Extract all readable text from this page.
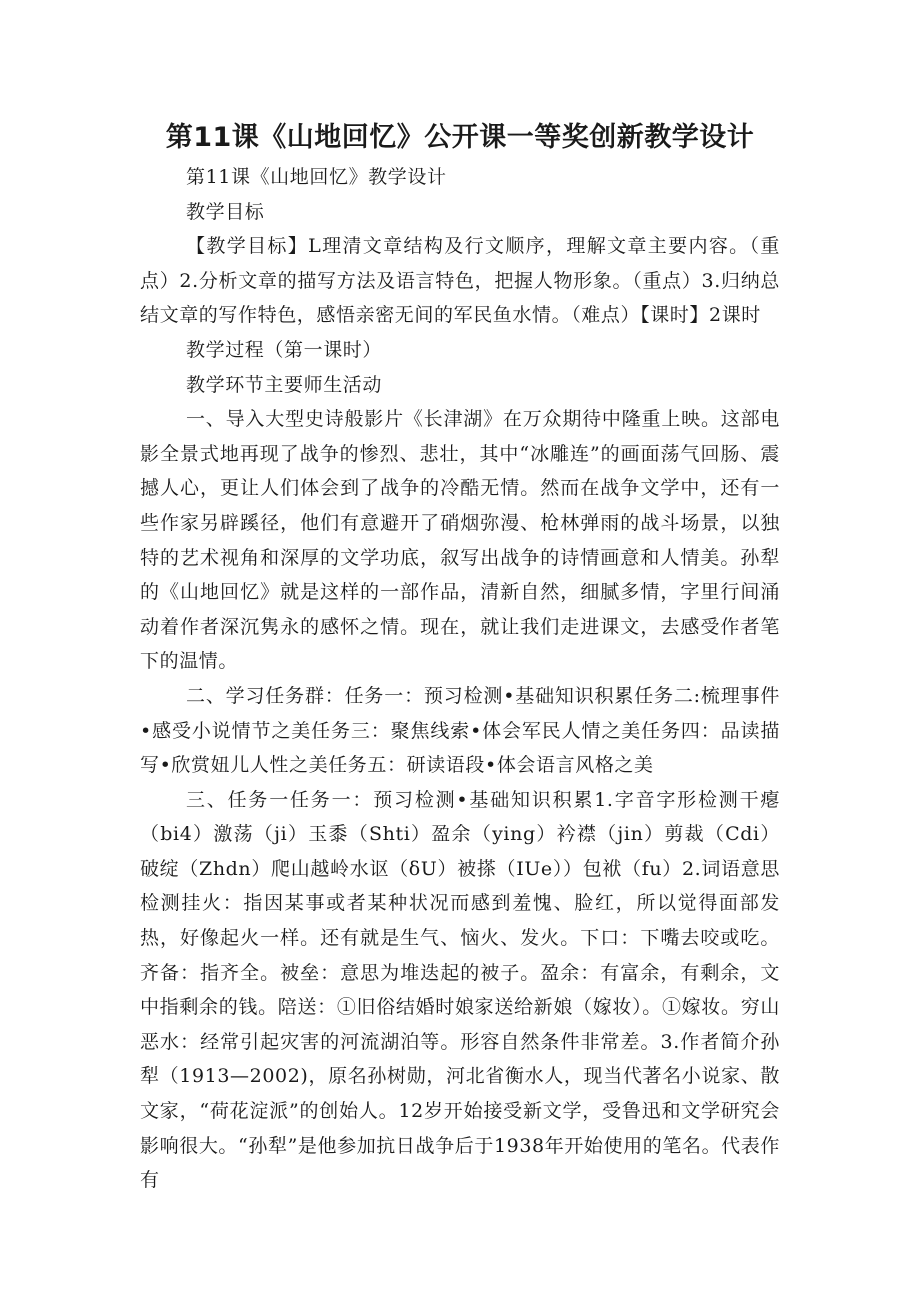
第11课《山地回忆》公开课一等奖创新教学设计

第11课《山地回忆》教学设计

教学目标

【教学目标】L理清文章结构及行文顺序，理解文章主要内容。（重点）2.分析文章的描写方法及语言特色，把握人物形象。（重点）3.归纳总结文章的写作特色，感悟亲密无间的军民鱼水情。（难点）【课时】2课时

教学过程（第一课时）

教学环节主要师生活动

一、导入大型史诗般影片《长津湖》在万众期待中隆重上映。这部电影全景式地再现了战争的惨烈、悲壮，其中“冰雕连”的画面荡气回肠、震撼人心，更让人们体会到了战争的冷酷无情。然而在战争文学中，还有一些作家另辟蹊径，他们有意避开了硝烟弥漫、枪林弹雨的战斗场景，以独特的艺术视角和深厚的文学功底，叙写出战争的诗情画意和人情美。孙犁的《山地回忆》就是这样的一部作品，清新自然，细腻多情，字里行间涌动着作者深沉隽永的感怀之情。现在，就让我们走进课文，去感受作者笔下的温情。

二、学习任务群：任务一：预习检测•基础知识积累任务二:梳理事件•感受小说情节之美任务三：聚焦线索•体会军民人情之美任务四：品读描写•欣赏妞儿人性之美任务五：研读语段•体会语言风格之美

三、任务一任务一：预习检测•基础知识积累1.字音字形检测干瘪（bi4）激荡（ji）玉黍（Shti）盈余（ying）衿襟（jin）剪裁（Cdi）破绽（Zhdn）爬山越岭水讴（δU）被搽（IUe））包袱（fu）2.词语意思检测挂火：指因某事或者某种状况而感到羞愧、脸红，所以觉得面部发热，好像起火一样。还有就是生气、恼火、发火。下口：下嘴去咬或吃。齐备：指齐全。被垒：意思为堆迭起的被子。盈余：有富余，有剩余，文中指剩余的钱。陪送：①旧俗结婚时娘家送给新娘（嫁妆）。①嫁妆。穷山恶水：经常引起灾害的河流湖泊等。形容自然条件非常差。3.作者简介孙犁（1913—2002)，原名孙树勋，河北省衡水人，现当代著名小说家、散文家，“荷花淀派”的创始人。12岁开始接受新文学，受鲁迅和文学研究会影响很大。“孙犁”是他参加抗日战争后于1938年开始使用的笔名。代表作有
